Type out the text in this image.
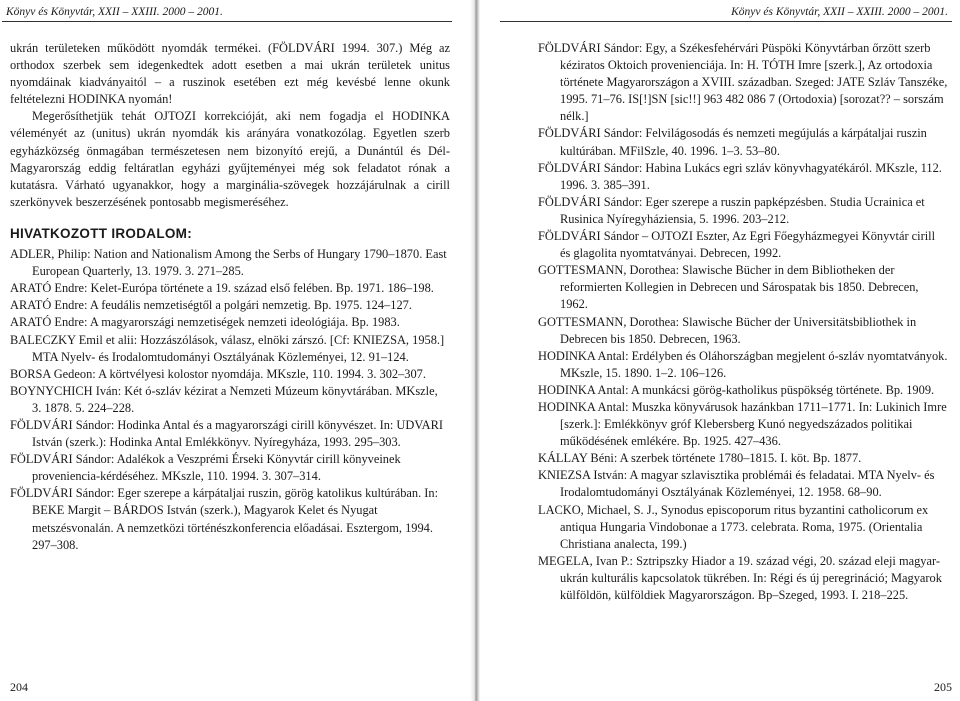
Könyv és Könyvtár, XXII – XXIII. 2000 – 2001.

ukrán területeken működött nyomdák termékei. (FÖLDVÁRI 1994. 307.) Még az orthodox szerbek sem idegenkedtek adott esetben a mai ukrán területek unitus nyomdáinak kiadványaitól – a ruszinok esetében ezt még kevésbé lenne okunk feltételezni HODINKA nyomán!

Megerősíthetjük tehát OJTOZI korrekcióját, aki nem fogadja el HODINKA véleményét az (unitus) ukrán nyomdák kis arányára vonatkozólag. Egyetlen szerb egyházközség önmagában természetesen nem bizonyító erejű, a Dunántúl és Dél-Magyarország eddig feltáratlan egyházi gyűjteményei még sok feladatot rónak a kutatásra. Várható ugyanakkor, hogy a marginália-szövegek hozzájárulnak a cirill szerkönyvek beszerzésének pontosabb megismeréséhez.

HIVATKOZOTT IRODALOM:

ADLER, Philip: Nation and Nationalism Among the Serbs of Hungary 1790–1870. East European Quarterly, 13. 1979. 3. 271–285.

ARATÓ Endre: Kelet-Európa története a 19. század első felében. Bp. 1971. 186–198.

ARATÓ Endre: A feudális nemzetiségtől a polgári nemzetig. Bp. 1975. 124–127.

ARATÓ Endre: A magyarországi nemzetiségek nemzeti ideológiája. Bp. 1983.

BALECZKY Emil et alii: Hozzászólások, válasz, elnöki zárszó. [Cf: KNIEZSA, 1958.] MTA Nyelv- és Irodalomtudományi Osztályának Közleményei, 12. 91–124.

BORSA Gedeon: A körtvélyesi kolostor nyomdája. MKszle, 110. 1994. 3. 302–307.

BOYNYCHICH Iván: Két ó-szláv kézirat a Nemzeti Múzeum könyvtárában. MKszle, 3. 1878. 5. 224–228.

FÖLDVÁRI Sándor: Hodinka Antal és a magyarországi cirill könyvészet. In: UDVARI István (szerk.): Hodinka Antal Emlékkönyv. Nyíregyháza, 1993. 295–303.

FÖLDVÁRI Sándor: Adalékok a Veszprémi Érseki Könyvtár cirill könyveinek proveniencia-kérdéséhez. MKszle, 110. 1994. 3. 307–314.

FÖLDVÁRI Sándor: Eger szerepe a kárpátaljai ruszin, görög katolikus kultúrában. In: BEKE Margit – BÁRDOS István (szerk.), Magyarok Kelet és Nyugat metszésvonalán. A nemzetközi történészkonferencia előadásai. Esztergom, 1994. 297–308.

204
Könyv és Könyvtár, XXII – XXIII. 2000 – 2001.

FÖLDVÁRI Sándor: Egy, a Székesfehérvári Püspöki Könyvtárban őrzött szerb kéziratos Oktoich provenienciája. In: H. TÓTH Imre [szerk.], Az ortodoxia története Magyarországon a XVIII. században. Szeged: JATE Szláv Tanszéke, 1995. 71–76. IS[!]SN [sic!!] 963 482 086 7 (Ortodoxia) [sorozat?? – sorszám nélk.]

FÖLDVÁRI Sándor: Felvilágosodás és nemzeti megújulás a kárpátaljai ruszin kultúrában. MFilSzle, 40. 1996. 1–3. 53–80.

FÖLDVÁRI Sándor: Habina Lukács egri szláv könyvhagyatékáról. MKszle, 112. 1996. 3. 385–391.

FÖLDVÁRI Sándor: Eger szerepe a ruszin papképzésben. Studia Ucrainica et Rusinica Nyíregyháziensia, 5. 1996. 203–212.

FÖLDVÁRI Sándor – OJTOZI Eszter, Az Egri Főegyházmegyei Könyvtár cirill és glagolita nyomtatványai. Debrecen, 1992.

GOTTESMANN, Dorothea: Slawische Bücher in dem Bibliotheken der reformierten Kollegien in Debrecen und Sárospatak bis 1850. Debrecen, 1962.

GOTTESMANN, Dorothea: Slawische Bücher der Universitätsbibliothek in Debrecen bis 1850. Debrecen, 1963.

HODINKA Antal: Erdélyben és Oláhországban megjelent ó-szláv nyomtatványok. MKszle, 15. 1890. 1–2. 106–126.

HODINKA Antal: A munkácsi görög-katholikus püspökség története. Bp. 1909.

HODINKA Antal: Muszka könyvárusok hazánkban 1711–1771. In: Lukinich Imre [szerk.]: Emlékkönyv gróf Klebersberg Kunó negyedszázados politikai működésének emlékére. Bp. 1925. 427–436.

KÁLLAY Béni: A szerbek története 1780–1815. I. köt. Bp. 1877.

KNIEZSA István: A magyar szlavisztika problémái és feladatai. MTA Nyelv- és Irodalomtudományi Osztályának Közleményei, 12. 1958. 68–90.

LACKO, Michael, S. J., Synodus episcoporum ritus byzantini catholicorum ex antiqua Hungaria Vindobonae a 1773. celebrata. Roma, 1975. (Orientalia Christiana analecta, 199.)

MEGELA, Ivan P.: Sztripszky Hiador a 19. század végi, 20. század eleji magyar-ukrán kulturális kapcsolatok tükrében. In: Régi és új peregrináció; Magyarok külföldön, külföldiek Magyarországon. Bp–Szeged, 1993. I. 218–225.

205
